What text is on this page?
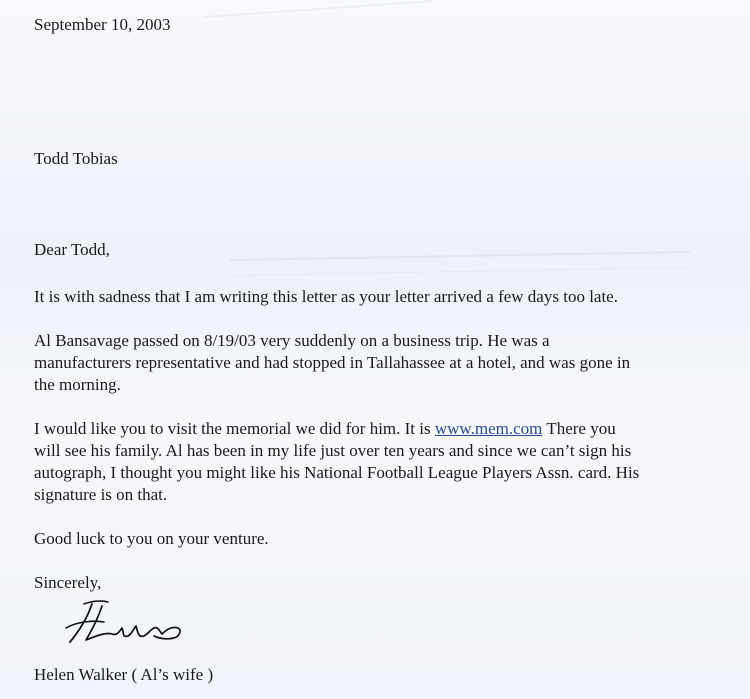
September 10, 2003
Todd Tobias
Dear Todd,
It is with sadness that I am writing this letter as your letter arrived a few days too late.
Al Bansavage passed on 8/19/03 very suddenly on a business trip. He was a
manufacturers representative and had stopped in Tallahassee at a hotel, and was gone in
the morning.
I would like you to visit the memorial we did for him. It is www.mem.com There you
will see his family. Al has been in my life just over ten years and since we can’t sign his
autograph, I thought you might like his National Football League Players Assn. card. His
signature is on that.
Good luck to you on your venture.
Sincerely,
Helen Walker ( Al’s wife )
